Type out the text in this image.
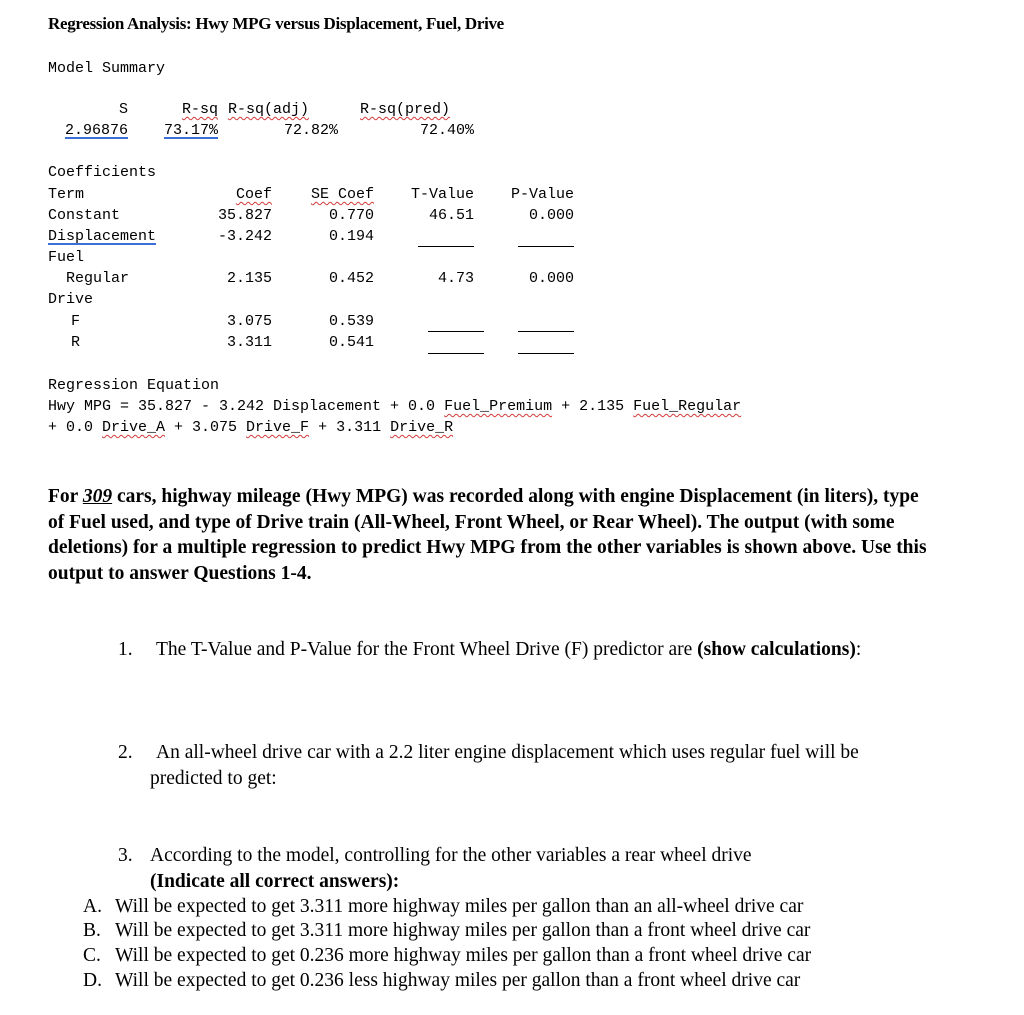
Regression Analysis: Hwy MPG versus Displacement, Fuel, Drive
Model Summary
S	R-sq R-sq(adj)	R-sq(pred)
2.96876	73.17%	72.82%	72.40%
Coefficients
Term	Coef	SE Coef	T-Value	P-Value
Constant	35.827	0.770	46.51	0.000
Displacement	-3.242	0.194
Fuel
Regular	2.135	0.452	4.73	0.000
Drive
F	3.075	0.539
R	3.311	0.541
Regression Equation
Hwy MPG = 35.827 - 3.242 Displacement + 0.0 Fuel_Premium + 2.135 Fuel_Regular
+ 0.0 Drive_A + 3.075 Drive_F + 3.311 Drive_R
For 309 cars, highway mileage (Hwy MPG) was recorded along with engine Displacement (in liters), type of Fuel used, and type of Drive train (All-Wheel, Front Wheel, or Rear Wheel). The output (with some deletions) for a multiple regression to predict Hwy MPG from the other variables is shown above. Use this output to answer Questions 1-4.
1.	The T-Value and P-Value for the Front Wheel Drive (F) predictor are (show calculations):
2.	An all-wheel drive car with a 2.2 liter engine displacement which uses regular fuel will be predicted to get:
3. According to the model, controlling for the other variables a rear wheel drive
(Indicate all correct answers):
A. Will be expected to get 3.311 more highway miles per gallon than an all-wheel drive car
B. Will be expected to get 3.311 more highway miles per gallon than a front wheel drive car
C. Will be expected to get 0.236 more highway miles per gallon than a front wheel drive car
D. Will be expected to get 0.236 less highway miles per gallon than a front wheel drive car
